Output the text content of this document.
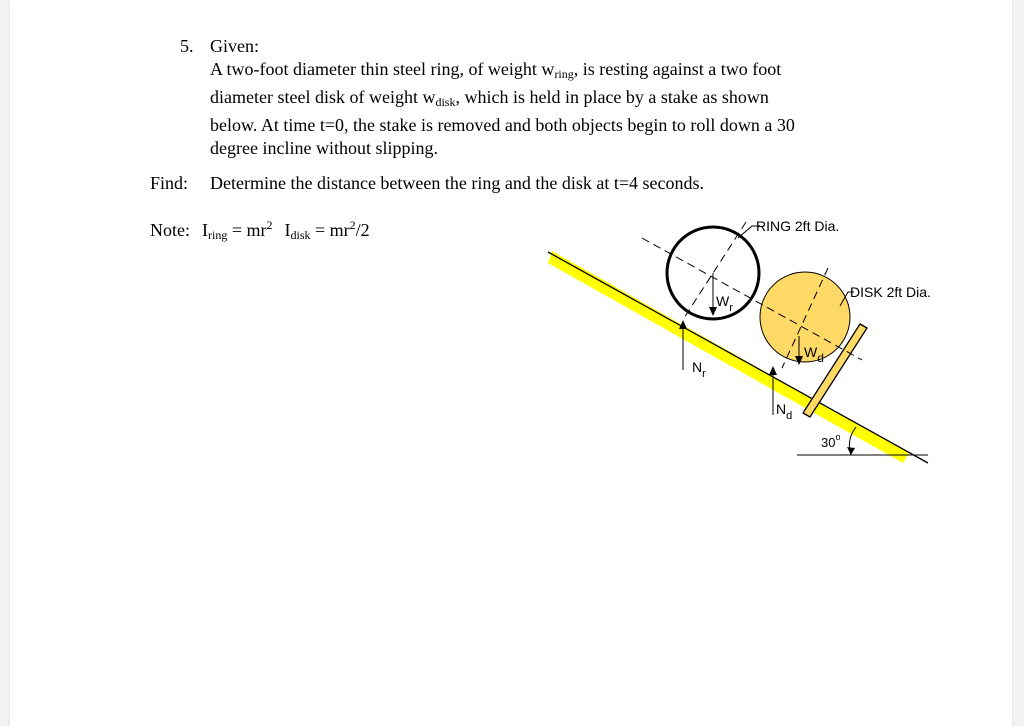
5. Given:
A two-foot diameter thin steel ring, of weight $w_{ring}$, is resting against a two foot
diameter steel disk of weight $w_{disk}$, which is held in place by a stake as shown
below. At time t=0, the stake is removed and both objects begin to roll down a 30
degree incline without slipping.
Find: Determine the distance between the ring and the disk at t=4 seconds.
Note: $I_{ring} = mr^2$ $I_{disk} = mr^2/2$	RING 2ft Dia.
DISK 2ft Dia.
$W_r$
Wd
$N_r$
$N_d$
30$^o$
